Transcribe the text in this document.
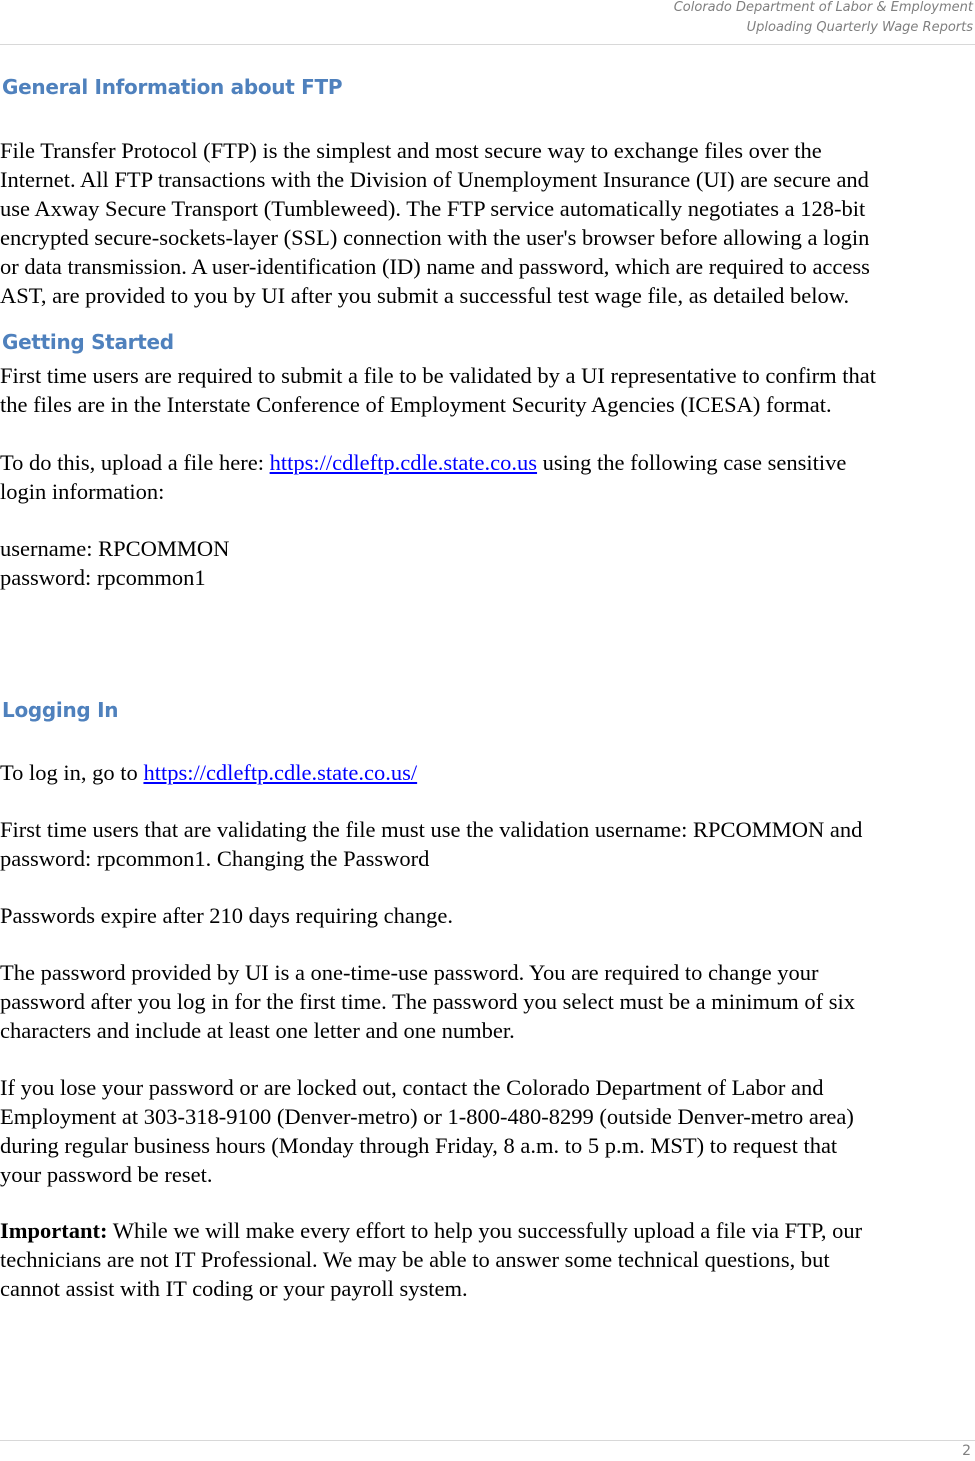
Colorado Department of Labor & Employment
Uploading Quarterly Wage Reports
General Information about FTP
File Transfer Protocol (FTP) is the simplest and most secure way to exchange files over the
Internet. All FTP transactions with the Division of Unemployment Insurance (UI) are secure and
use Axway Secure Transport (Tumbleweed). The FTP service automatically negotiates a 128-bit
encrypted secure-sockets-layer (SSL) connection with the user's browser before allowing a login
or data transmission. A user-identification (ID) name and password, which are required to access
AST, are provided to you by UI after you submit a successful test wage file, as detailed below.
Getting Started
First time users are required to submit a file to be validated by a UI representative to confirm that
the files are in the Interstate Conference of Employment Security Agencies (ICESA) format.
To do this, upload a file here: https://cdleftp.cdle.state.co.us using the following case sensitive
login information:
username: RPCOMMON
password: rpcommon1
Logging In
To log in, go to https://cdleftp.cdle.state.co.us/
First time users that are validating the file must use the validation username: RPCOMMON and
password: rpcommon1. Changing the Password
Passwords expire after 210 days requiring change.
The password provided by UI is a one-time-use password. You are required to change your
password after you log in for the first time. The password you select must be a minimum of six
characters and include at least one letter and one number.
If you lose your password or are locked out, contact the Colorado Department of Labor and
Employment at 303-318-9100 (Denver-metro) or 1-800-480-8299 (outside Denver-metro area)
during regular business hours (Monday through Friday, 8 a.m. to 5 p.m. MST) to request that
your password be reset.
Important: While we will make every effort to help you successfully upload a file via FTP, our
technicians are not IT Professional. We may be able to answer some technical questions, but
cannot assist with IT coding or your payroll system.
2
